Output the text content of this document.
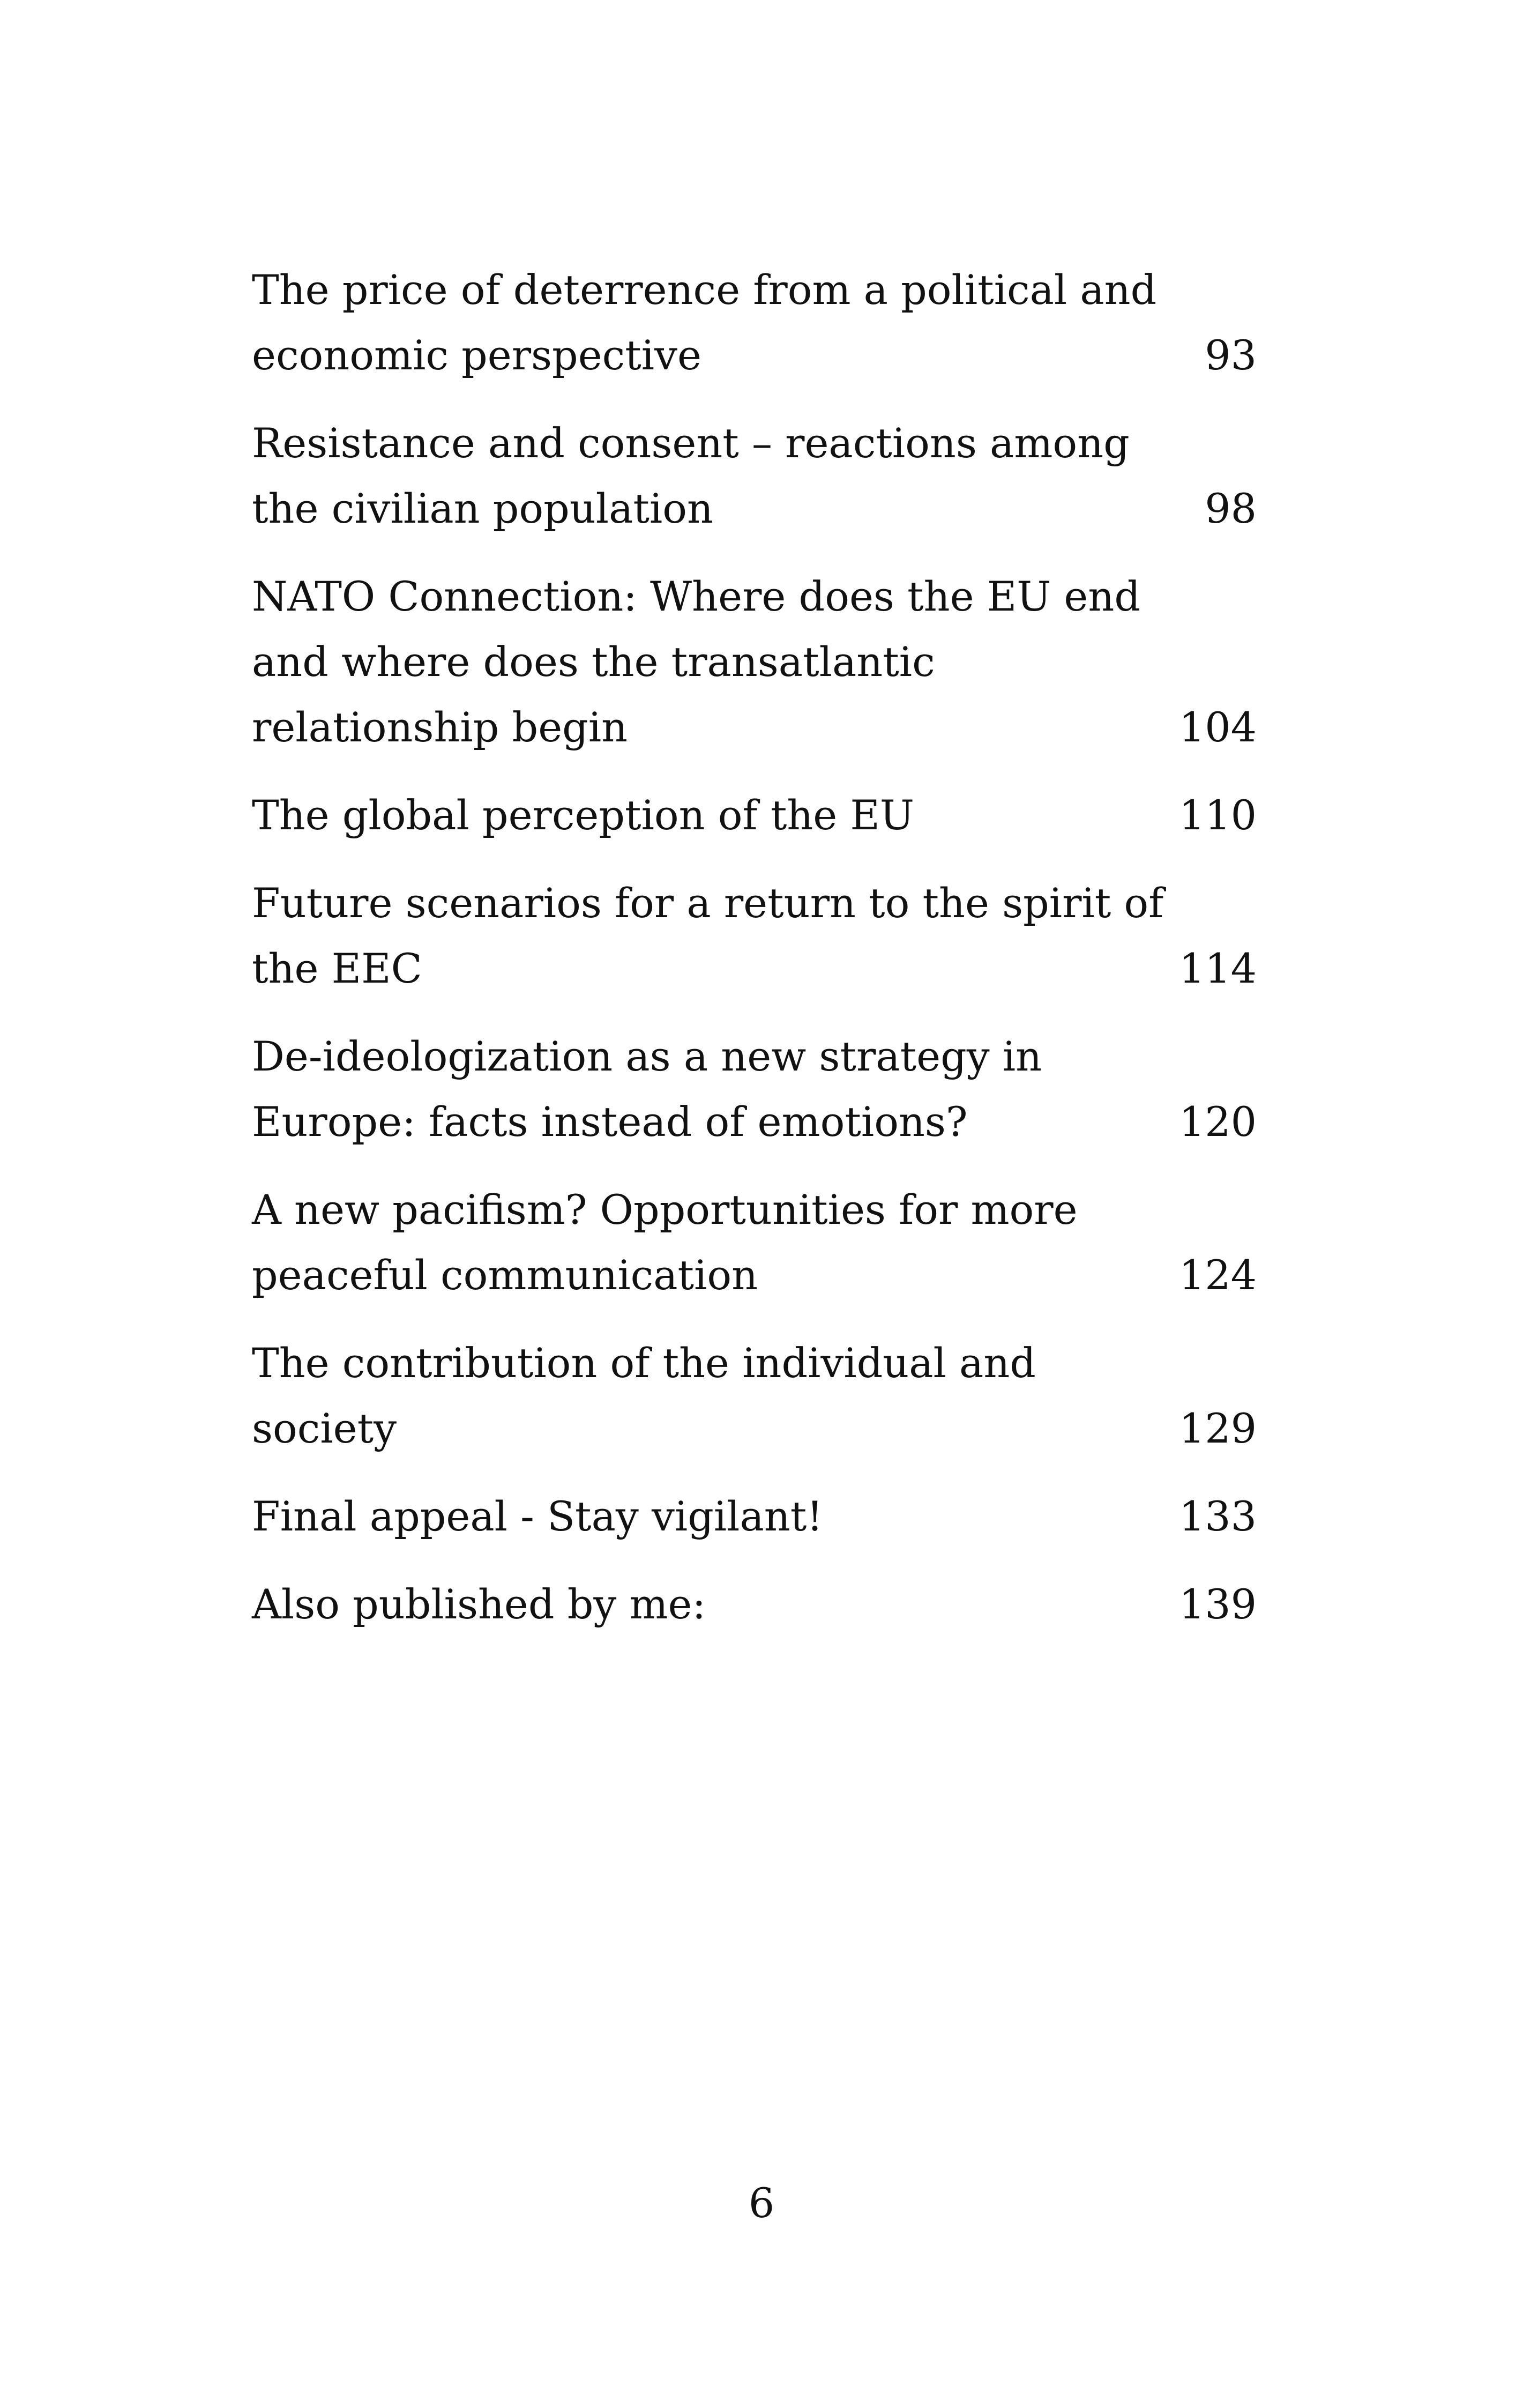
The price of deterrence from a political and economic perspective	93
Resistance and consent – reactions among the civilian population	98
NATO Connection: Where does the EU end and where does the transatlantic relationship begin	104
The global perception of the EU	110
Future scenarios for a return to the spirit of the EEC	114
De-ideologization as a new strategy in Europe: facts instead of emotions?	120
A new pacifism? Opportunities for more peaceful communication	124
The contribution of the individual and society	129
Final appeal - Stay vigilant!	133
Also published by me:	139
6
